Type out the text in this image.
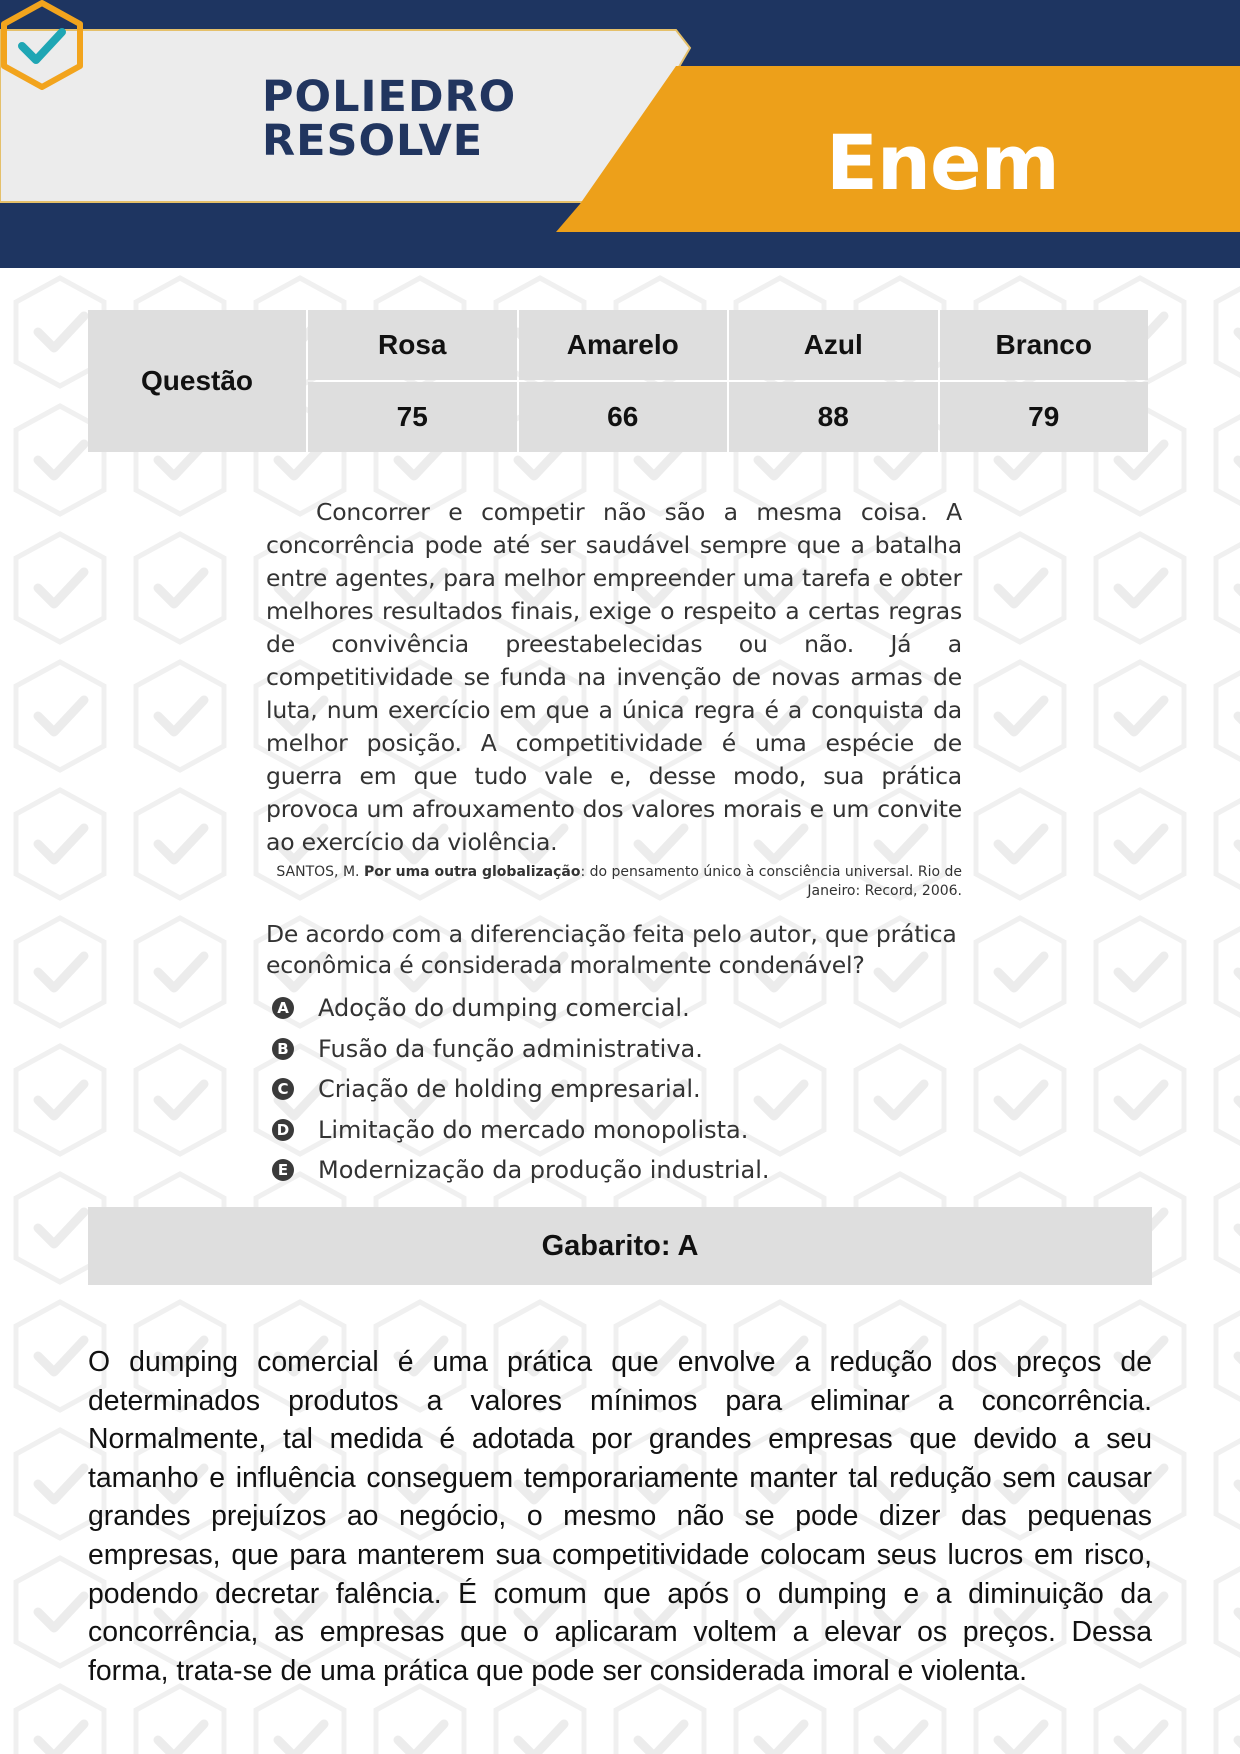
POLIEDRO
RESOLVE	Enem
Questão	Rosa	Amarelo	Azul	Branco
	75	66	88	79

Concorrer e competir não são a mesma coisa. A concorrência pode até ser saudável sempre que a batalha entre agentes, para melhor empreender uma tarefa e obter melhores resultados finais, exige o respeito a certas regras de convivência preestabelecidas ou não. Já a competitividade se funda na invenção de novas armas de luta, num exercício em que a única regra é a conquista da melhor posição. A competitividade é uma espécie de guerra em que tudo vale e, desse modo, sua prática provoca um afrouxamento dos valores morais e um convite ao exercício da violência.

SANTOS, M. Por uma outra globalização: do pensamento único à consciência universal. Rio de Janeiro: Record, 2006.

De acordo com a diferenciação feita pelo autor, que prática econômica é considerada moralmente condenável?

A Adoção do dumping comercial.
B Fusão da função administrativa.
C Criação de holding empresarial.
D Limitação do mercado monopolista.
E Modernização da produção industrial.
Gabarito: A

O dumping comercial é uma prática que envolve a redução dos preços de determinados produtos a valores mínimos para eliminar a concorrência. Normalmente, tal medida é adotada por grandes empresas que devido a seu tamanho e influência conseguem temporariamente manter tal redução sem causar grandes prejuízos ao negócio, o mesmo não se pode dizer das pequenas empresas, que para manterem sua competitividade colocam seus lucros em risco, podendo decretar falência. É comum que após o dumping e a diminuição da concorrência, as empresas que o aplicaram voltem a elevar os preços. Dessa forma, trata-se de uma prática que pode ser considerada imoral e violenta.
